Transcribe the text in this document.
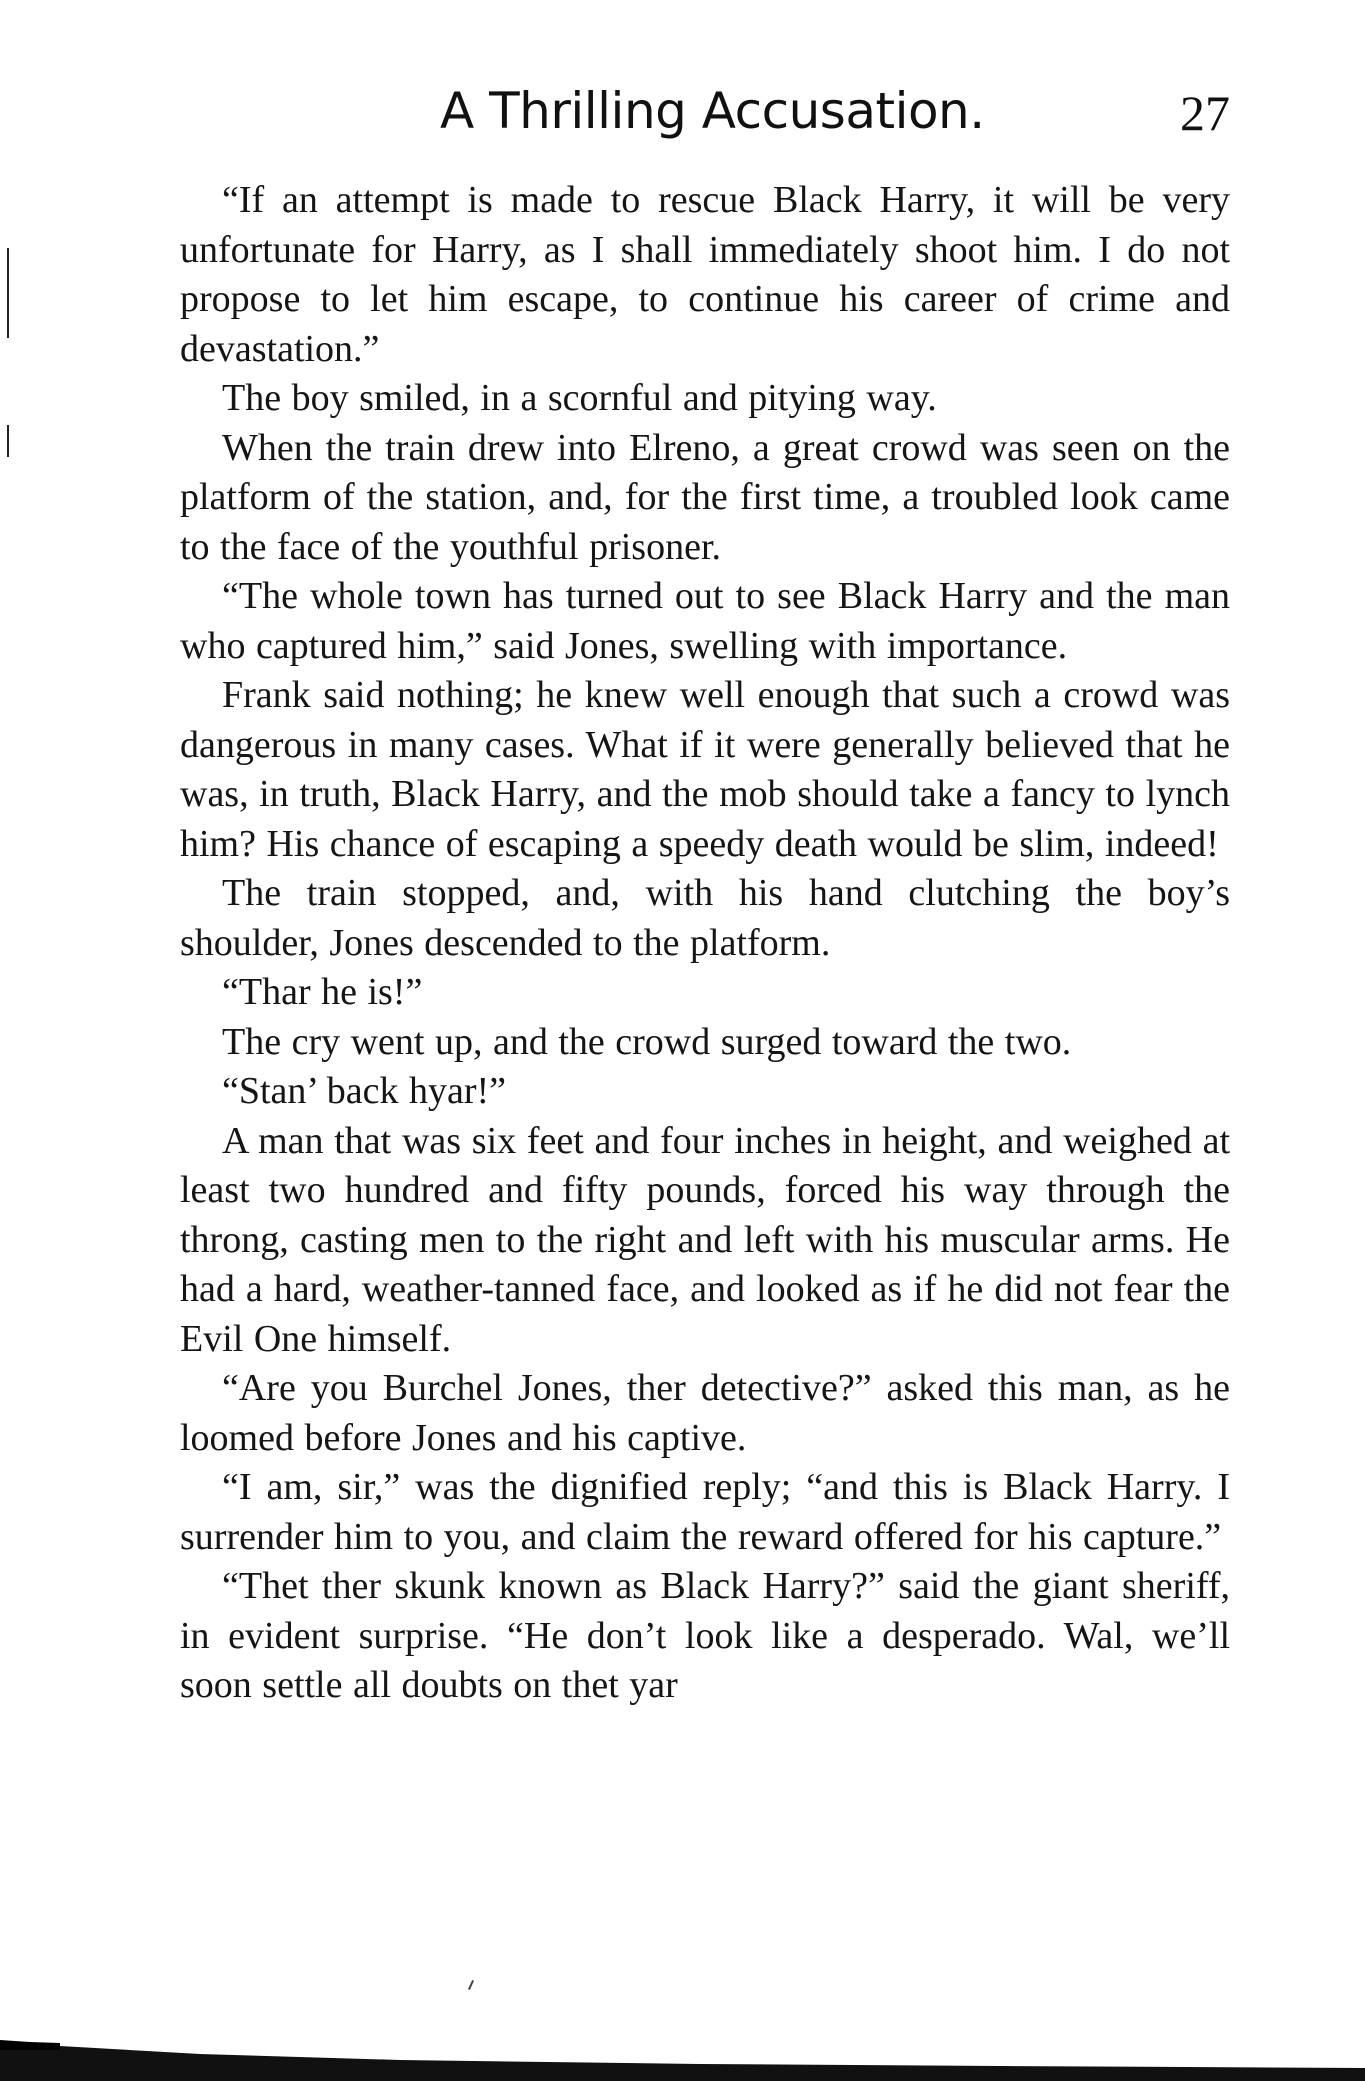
A Thrilling Accusation.	27

“If an attempt is made to rescue Black Harry, it will be very unfortunate for Harry, as I shall immediately shoot him. I do not propose to let him escape, to continue his career of crime and devastation.”

The boy smiled, in a scornful and pitying way.

When the train drew into Elreno, a great crowd was seen on the platform of the station, and, for the first time, a troubled look came to the face of the youthful prisoner.

“The whole town has turned out to see Black Harry and the man who captured him,” said Jones, swelling with importance.

Frank said nothing; he knew well enough that such a crowd was dangerous in many cases. What if it were generally believed that he was, in truth, Black Harry, and the mob should take a fancy to lynch him? His chance of escaping a speedy death would be slim, indeed!

The train stopped, and, with his hand clutching the boy’s shoulder, Jones descended to the platform.

“Thar he is!”

The cry went up, and the crowd surged toward the two.

“Stan’ back hyar!”

A man that was six feet and four inches in height, and weighed at least two hundred and fifty pounds, forced his way through the throng, casting men to the right and left with his muscular arms. He had a hard, weather-tanned face, and looked as if he did not fear the Evil One himself.

“Are you Burchel Jones, ther detective?” asked this man, as he loomed before Jones and his captive.

“I am, sir,” was the dignified reply; “and this is Black Harry. I surrender him to you, and claim the reward offered for his capture.”

“Thet ther skunk known as Black Harry?” said the giant sheriff, in evident surprise. “He don’t look like a desperado. Wal, we’ll soon settle all doubts on thet yar
